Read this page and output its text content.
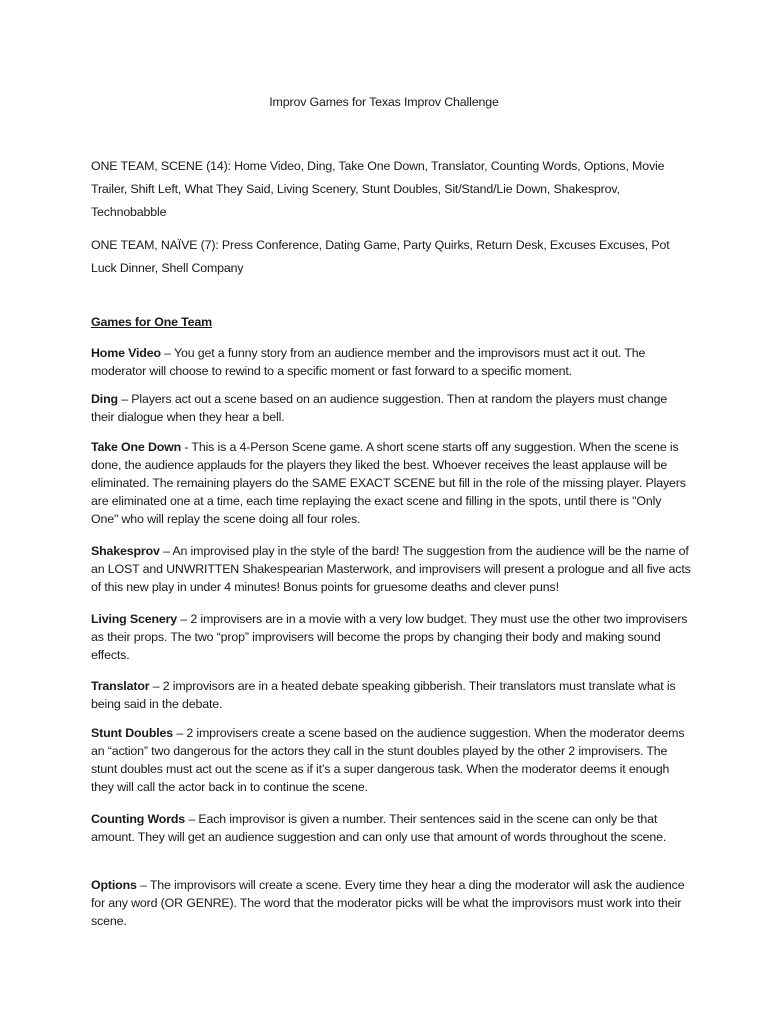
Improv Games for Texas Improv Challenge

ONE TEAM, SCENE (14): Home Video, Ding, Take One Down, Translator, Counting Words, Options, Movie Trailer, Shift Left, What They Said, Living Scenery, Stunt Doubles, Sit/Stand/Lie Down, Shakesprov, Technobabble

ONE TEAM, NAÏVE (7): Press Conference, Dating Game, Party Quirks, Return Desk, Excuses Excuses, Pot Luck Dinner, Shell Company

Games for One Team

Home Video – You get a funny story from an audience member and the improvisors must act it out. The moderator will choose to rewind to a specific moment or fast forward to a specific moment.

Ding – Players act out a scene based on an audience suggestion. Then at random the players must change their dialogue when they hear a bell.

Take One Down - This is a 4-Person Scene game. A short scene starts off any suggestion. When the scene is done, the audience applauds for the players they liked the best. Whoever receives the least applause will be eliminated. The remaining players do the SAME EXACT SCENE but fill in the role of the missing player. Players are eliminated one at a time, each time replaying the exact scene and filling in the spots, until there is "Only One" who will replay the scene doing all four roles.

Shakesprov – An improvised play in the style of the bard! The suggestion from the audience will be the name of an LOST and UNWRITTEN Shakespearian Masterwork, and improvisers will present a prologue and all five acts of this new play in under 4 minutes! Bonus points for gruesome deaths and clever puns!

Living Scenery – 2 improvisers are in a movie with a very low budget. They must use the other two improvisers as their props. The two “prop” improvisers will become the props by changing their body and making sound effects.

Translator – 2 improvisors are in a heated debate speaking gibberish. Their translators must translate what is being said in the debate.

Stunt Doubles – 2 improvisers create a scene based on the audience suggestion. When the moderator deems an “action” two dangerous for the actors they call in the stunt doubles played by the other 2 improvisers. The stunt doubles must act out the scene as if it’s a super dangerous task. When the moderator deems it enough they will call the actor back in to continue the scene.

Counting Words – Each improvisor is given a number. Their sentences said in the scene can only be that amount. They will get an audience suggestion and can only use that amount of words throughout the scene.

Options – The improvisors will create a scene. Every time they hear a ding the moderator will ask the audience for any word (OR GENRE). The word that the moderator picks will be what the improvisors must work into their scene.
